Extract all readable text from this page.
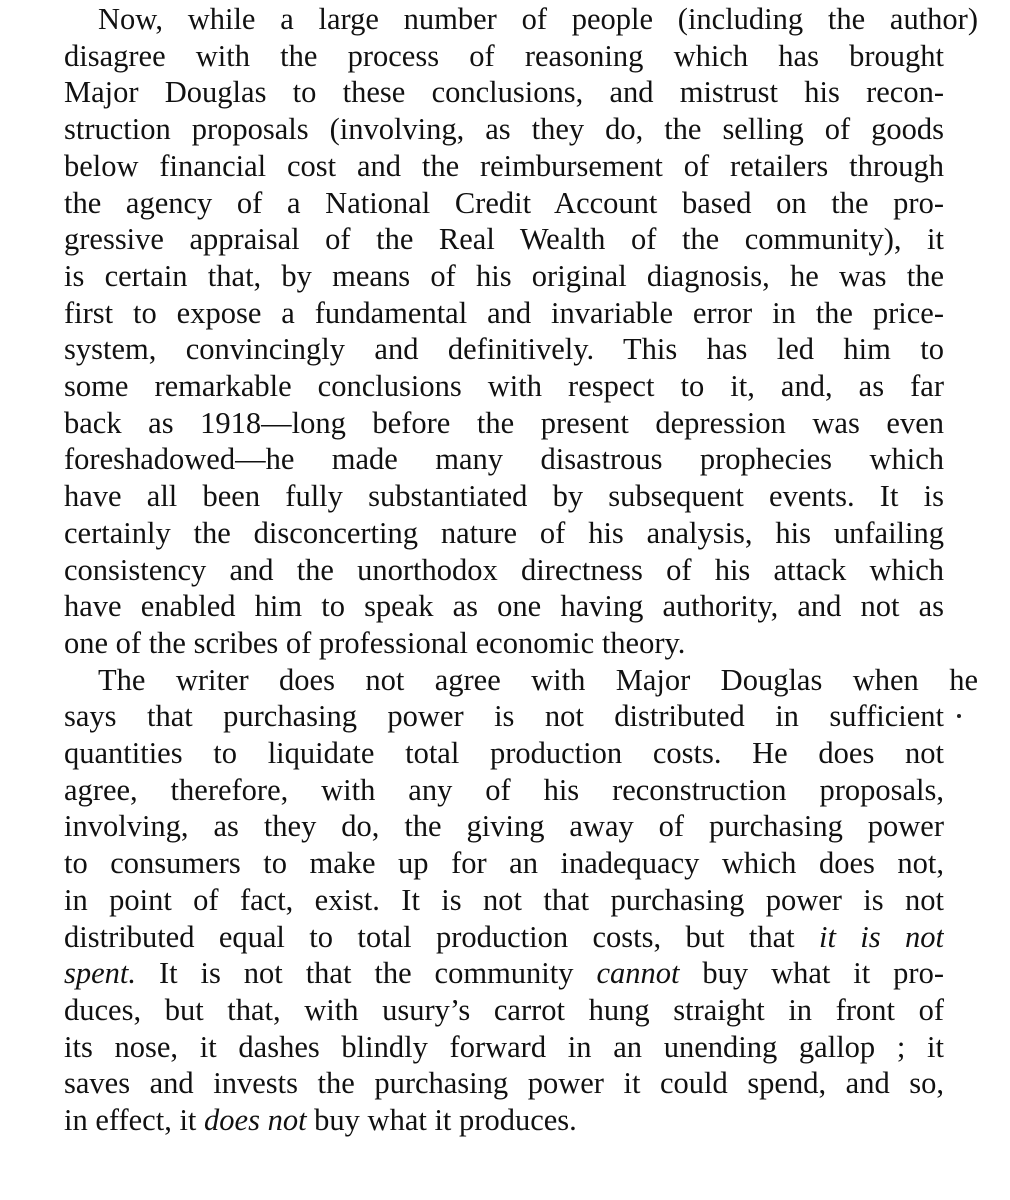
Now, while a large number of people (including the author)
disagree with the process of reasoning which has brought
Major Douglas to these conclusions, and mistrust his recon-
struction proposals (involving, as they do, the selling of goods
below financial cost and the reimbursement of retailers through
the agency of a National Credit Account based on the pro-
gressive appraisal of the Real Wealth of the community), it
is certain that, by means of his original diagnosis, he was the
first to expose a fundamental and invariable error in the price-
system, convincingly and definitively. This has led him to
some remarkable conclusions with respect to it, and, as far
back as 1918—long before the present depression was even
foreshadowed—he made many disastrous prophecies which
have all been fully substantiated by subsequent events. It is
certainly the disconcerting nature of his analysis, his unfailing
consistency and the unorthodox directness of his attack which
have enabled him to speak as one having authority, and not as
one of the scribes of professional economic theory.
The writer does not agree with Major Douglas when he
says that purchasing power is not distributed in sufficient
quantities to liquidate total production costs. He does not
agree, therefore, with any of his reconstruction proposals,
involving, as they do, the giving away of purchasing power
to consumers to make up for an inadequacy which does not,
in point of fact, exist. It is not that purchasing power is not
distributed equal to total production costs, but that it is not
spent. It is not that the community cannot buy what it pro-
duces, but that, with usury’s carrot hung straight in front of
its nose, it dashes blindly forward in an unending gallop ; it
saves and invests the purchasing power it could spend, and so,
in effect, it does not buy what it produces.
